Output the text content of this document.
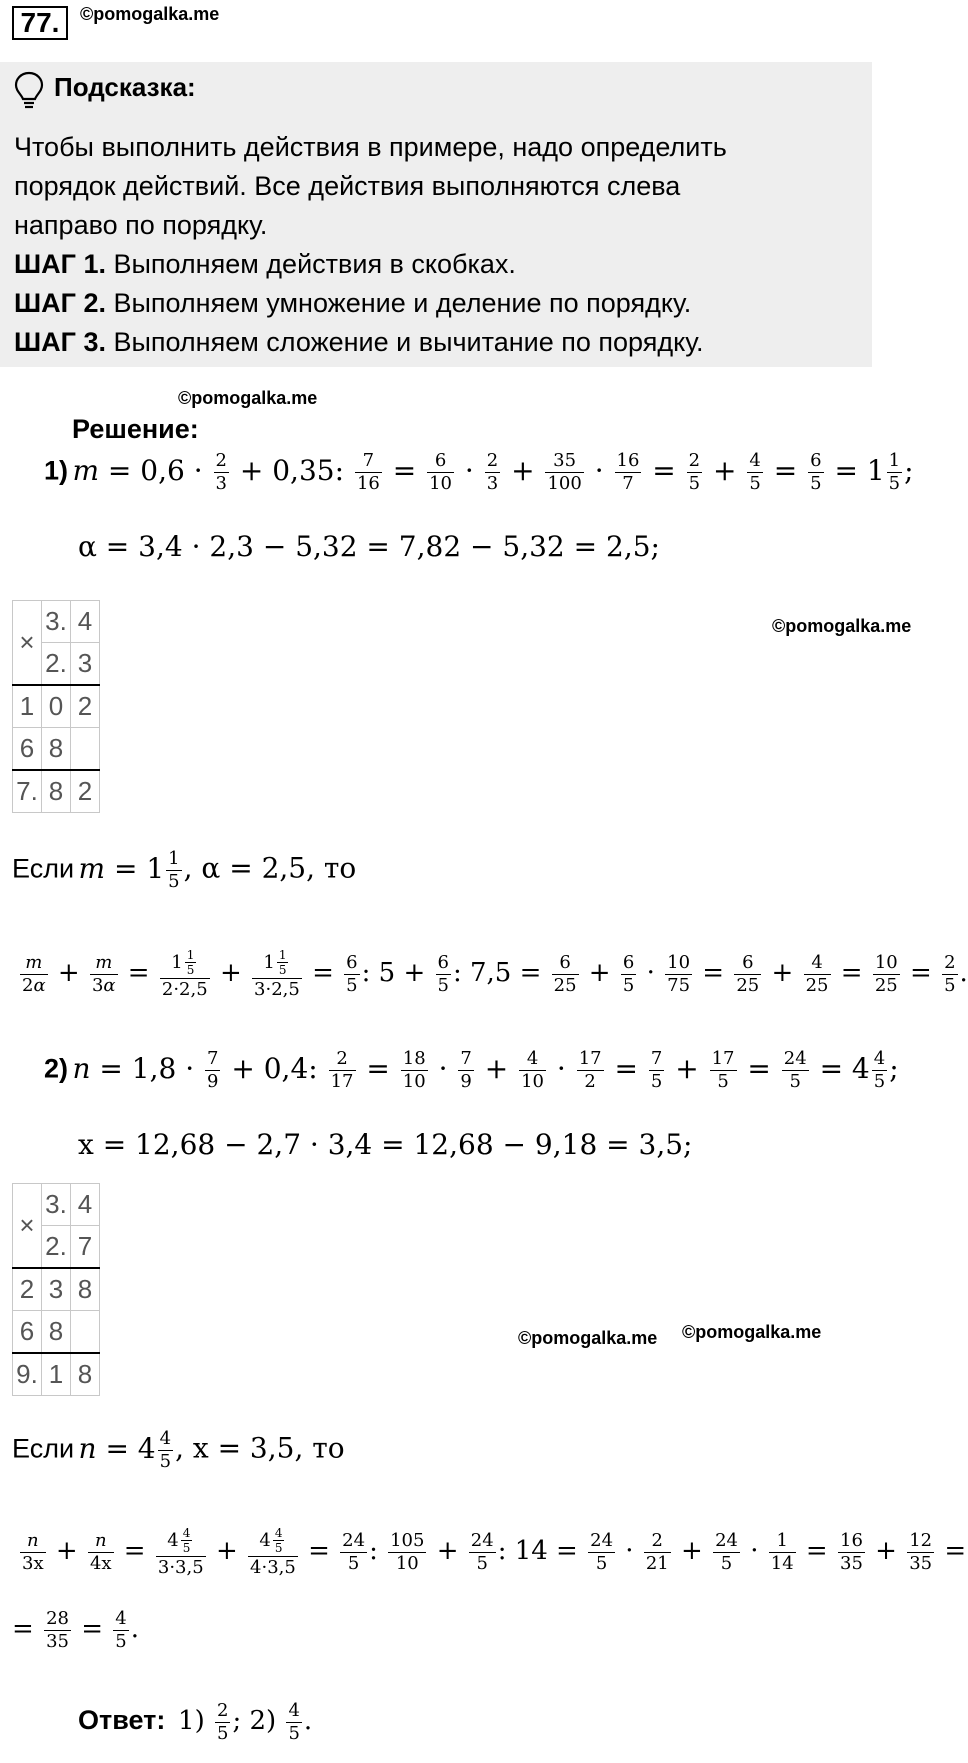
77.	©pomogalka.me
Подсказка:
Чтобы выполнить действия в примере, надо определить
порядок действий. Все действия выполняются слева
направо по порядку.
ШАГ 1. Выполняем действия в скобках.
ШАГ 2. Выполняем умножение и деление по порядку.
ШАГ 3. Выполняем сложение и вычитание по порядку.
©pomogalka.me
Решение:
1) $m = 0,6 \cdot \frac{2}{3} + 0,35$: $\frac{7}{16} = \frac{6}{10} \cdot \frac{2}{3} + \frac{35}{100} \cdot \frac{16}{7} = \frac{2}{5} + \frac{4}{5} = \frac{6}{5} = 1 \frac{1}{5}$ ;
α = 3,4 · 2,3 − 5,32 = 7,82 − 5,32 = 2,5;
×	3.	4
	2.	3
1	0	2
6	8	
7.	8	2
©pomogalka.me
Если $m = 1 \frac{1}{5}$ , α = 2,5, то
$\frac{m}{2\alpha} + \frac{m}{3\alpha} = \frac{1 \frac{1}{5}}{2\cdot 2,5} + \frac{1 \frac{1}{5}}{3\cdot 2,5} = \frac{6}{5}$ : $5 + \frac{6}{5}$ : $7,5 = \frac{6}{25} + \frac{6}{5} \cdot \frac{10}{75} = \frac{6}{25} + \frac{4}{25} = \frac{10}{25} = \frac{2}{5}$ .
2) $n = 1,8 \cdot \frac{7}{9} + 0,4$: $\frac{2}{17} = \frac{18}{10} \cdot \frac{7}{9} + \frac{4}{10} \cdot \frac{17}{2} = \frac{7}{5} + \frac{17}{5} = \frac{24}{5} = 4 \frac{4}{5}$ ;
x = 12,68 − 2,7 · 3,4 = 12,68 − 9,18 = 3,5;
×	3.	4
	2.	7
2	3	8
6	8	
9.	1	8
©pomogalka.me ©pomogalka.me
Если $n = 4 \frac{4}{5}$ , x = 3,5, то
$\frac{n}{3x} + \frac{n}{4x} = \frac{4 \frac{4}{5}}{3\cdot 3,5} + \frac{4 \frac{4}{5}}{4\cdot 3,5} = \frac{24}{5}$ : $\frac{105}{10} + \frac{24}{5}$ : $14 = \frac{24}{5} \cdot \frac{2}{21} + \frac{24}{5} \cdot \frac{1}{14} = \frac{16}{35} + \frac{12}{35}$ =
= $\frac{28}{35} = \frac{4}{5}$ .
Ответ:  $1) \frac{2}{5}$ ; $2) \frac{4}{5}$ .
